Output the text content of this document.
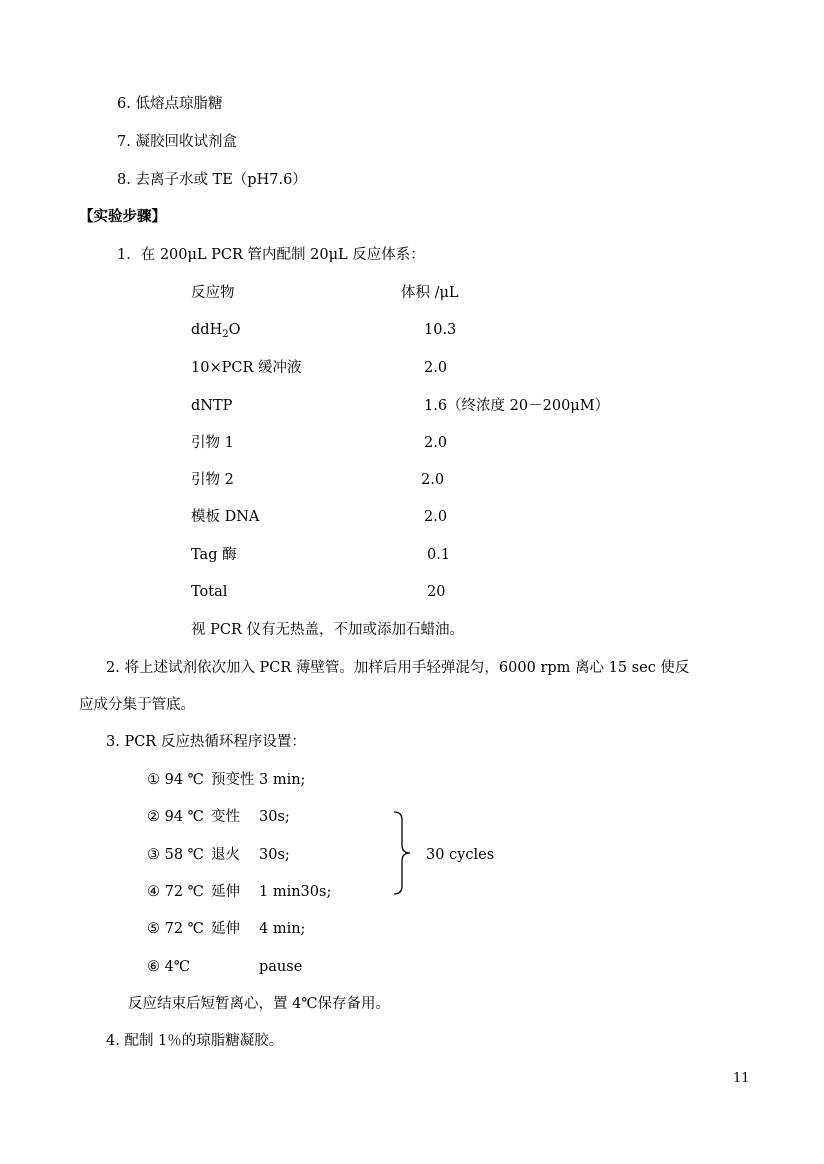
6. 低熔点琼脂糖
7. 凝胶回收试剂盒
8. 去离子水或 TE（pH7.6）
【实验步骤】
1．在 200μL PCR 管内配制 20μL 反应体系：
反应物	体积 /μL
ddH$_2$O	10.3
10×PCR 缓冲液	2.0
dNTP	1.6（终浓度 20－200μM）
引物 1	2.0
引物 2	2.0
模板 DNA	2.0
Tag 酶	0.1
Total	20
视 PCR 仪有无热盖，不加或添加石蜡油。
2. 将上述试剂依次加入 PCR 薄壁管。加样后用手轻弹混匀，6000 rpm 离心 15 sec 使反
应成分集于管底。
3. PCR 反应热循环程序设置：
① 94 ℃ 预变性 3 min;
② 94 ℃ 变性 30s;
③ 58 ℃ 退火 30s;
④ 72 ℃ 延伸 1 min30s;
⑤ 72 ℃ 延伸 4 min;
⑥ 4℃	pause
30 cycles
反应结束后短暂离心，置 4℃保存备用。
4. 配制 1％的琼脂糖凝胶。
11
